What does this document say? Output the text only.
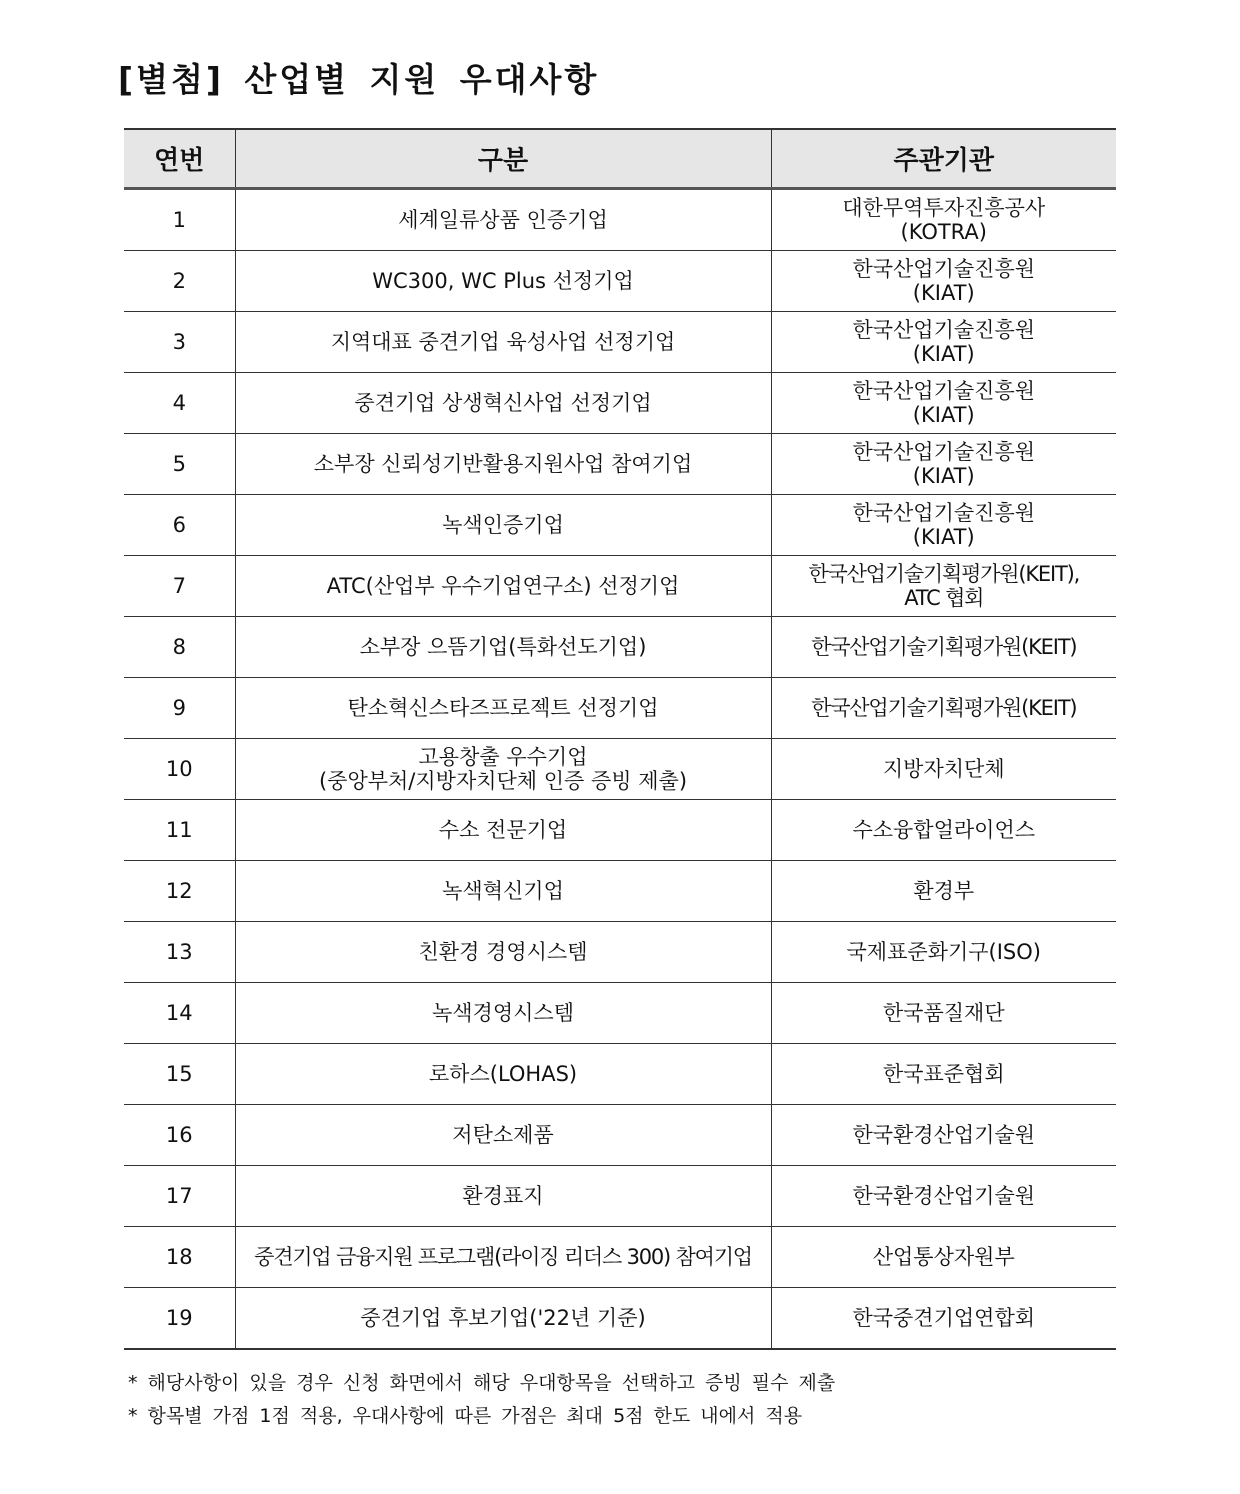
[별첨] 산업별 지원 우대사항
연번	구분	주관기관
1	세계일류상품 인증기업	대한무역투자진흥공사
(KOTRA)
2	WC300, WC Plus 선정기업	한국산업기술진흥원
(KIAT)
3	지역대표 중견기업 육성사업 선정기업	한국산업기술진흥원
(KIAT)
4	중견기업 상생혁신사업 선정기업	한국산업기술진흥원
(KIAT)
5	소부장 신뢰성기반활용지원사업 참여기업	한국산업기술진흥원
(KIAT)
6	녹색인증기업	한국산업기술진흥원
(KIAT)
7	ATC(산업부 우수기업연구소) 선정기업	한국산업기술기획평가원(KEIT),
ATC 협회
8	소부장 으뜸기업(특화선도기업)	한국산업기술기획평가원(KEIT)
9	탄소혁신스타즈프로젝트 선정기업	한국산업기술기획평가원(KEIT)
10	고용창출 우수기업
(중앙부처/지방자치단체 인증 증빙 제출)	지방자치단체
11	수소 전문기업	수소융합얼라이언스
12	녹색혁신기업	환경부
13	친환경 경영시스템	국제표준화기구(ISO)
14	녹색경영시스템	한국품질재단
15	로하스(LOHAS)	한국표준협회
16	저탄소제품	한국환경산업기술원
17	환경표지	한국환경산업기술원
18	중견기업 금융지원 프로그램(라이징 리더스 300) 참여기업	산업통상자원부
19	중견기업 후보기업('22년 기준)	한국중견기업연합회
* 해당사항이 있을 경우 신청 화면에서 해당 우대항목을 선택하고 증빙 필수 제출
* 항목별 가점 1점 적용, 우대사항에 따른 가점은 최대 5점 한도 내에서 적용
